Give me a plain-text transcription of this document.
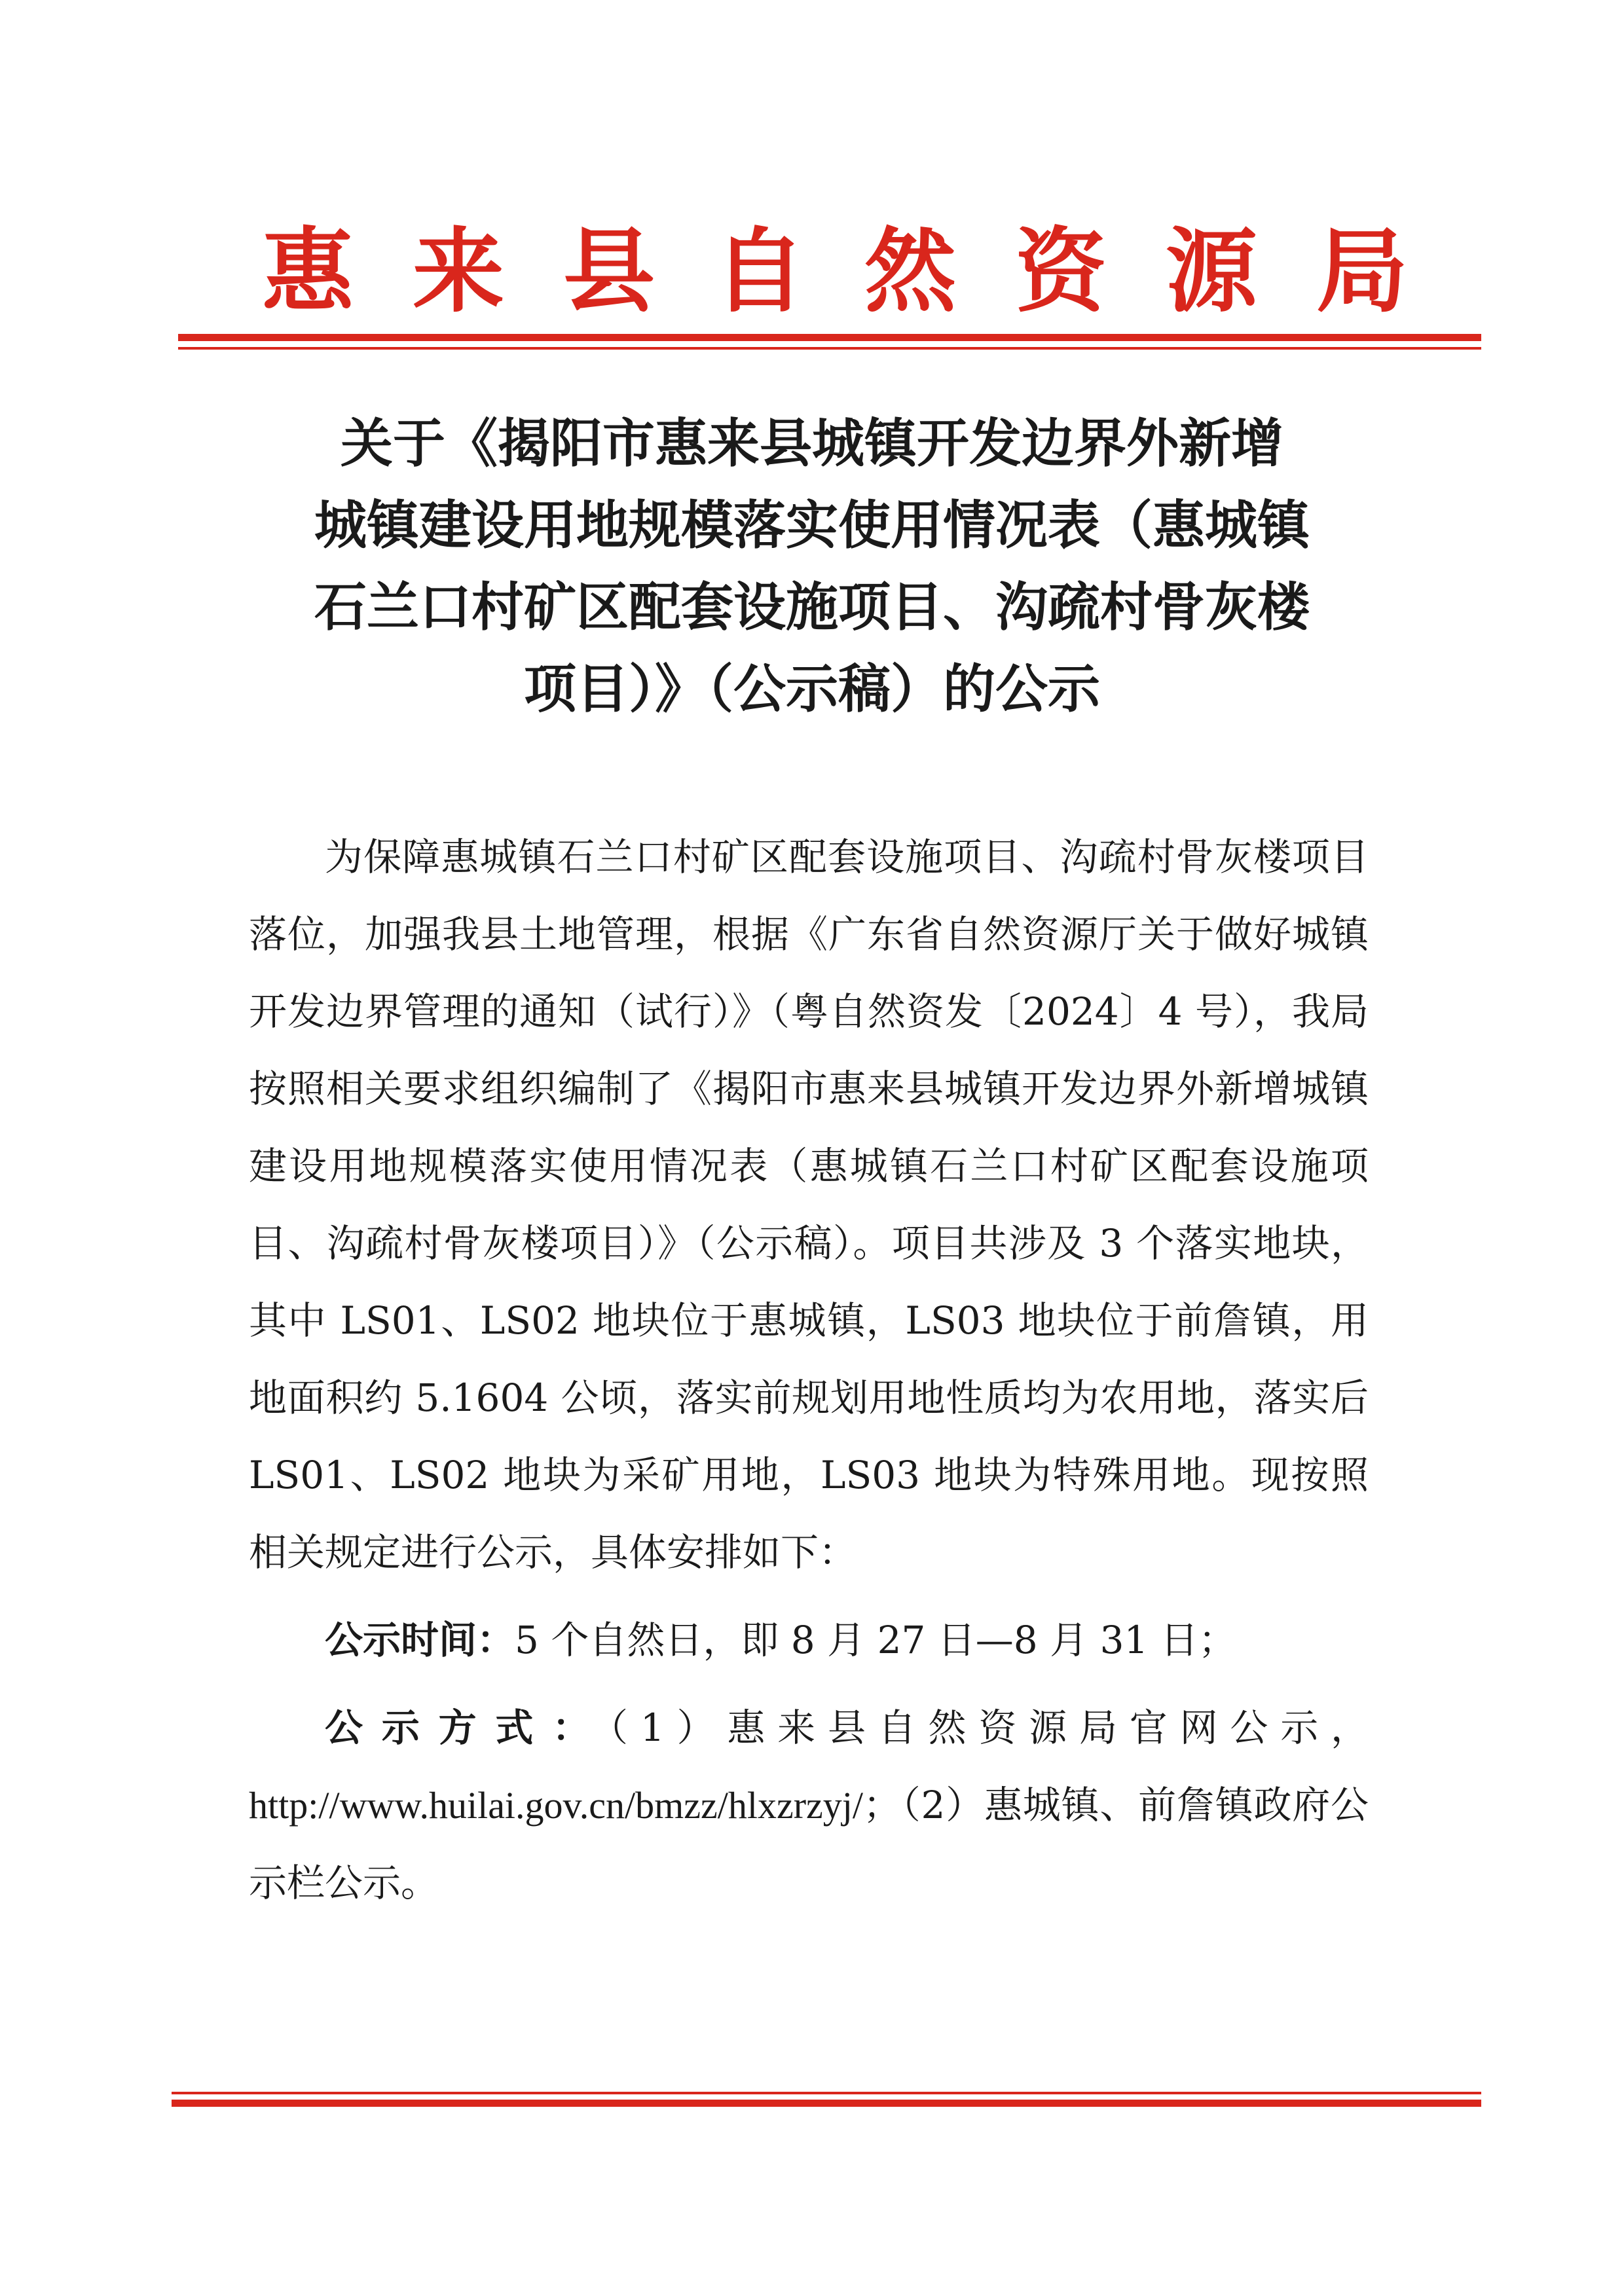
惠来县自然资源局
关于《揭阳市惠来县城镇开发边界外新增
城镇建设用地规模落实使用情况表（惠城镇
石兰口村矿区配套设施项目、沟疏村骨灰楼
项目）》（公示稿）的公示

为保障惠城镇石兰口村矿区配套设施项目、沟疏村骨灰楼项目落位，加强我县土地管理，根据《广东省自然资源厅关于做好城镇开发边界管理的通知（试行）》（粤自然资发〔2024〕4 号），我局按照相关要求组织编制了《揭阳市惠来县城镇开发边界外新增城镇建设用地规模落实使用情况表（惠城镇石兰口村矿区配套设施项目、沟疏村骨灰楼项目）》（公示稿）。项目共涉及 3 个落实地块，其中 LS01、LS02 地块位于惠城镇，LS03 地块位于前詹镇，用地面积约 5.1604 公顷，落实前规划用地性质均为农用地，落实后 LS01、LS02 地块为采矿用地，LS03 地块为特殊用地。现按照相关规定进行公示，具体安排如下：

公示时间：5 个自然日，即 8 月 27 日—8 月 31 日；

公示方式：（1）惠来县自然资源局官网公示，http://www.huilai.gov.cn/bmzz/hlxzrzyj/；（2）惠城镇、前詹镇政府公示栏公示。
